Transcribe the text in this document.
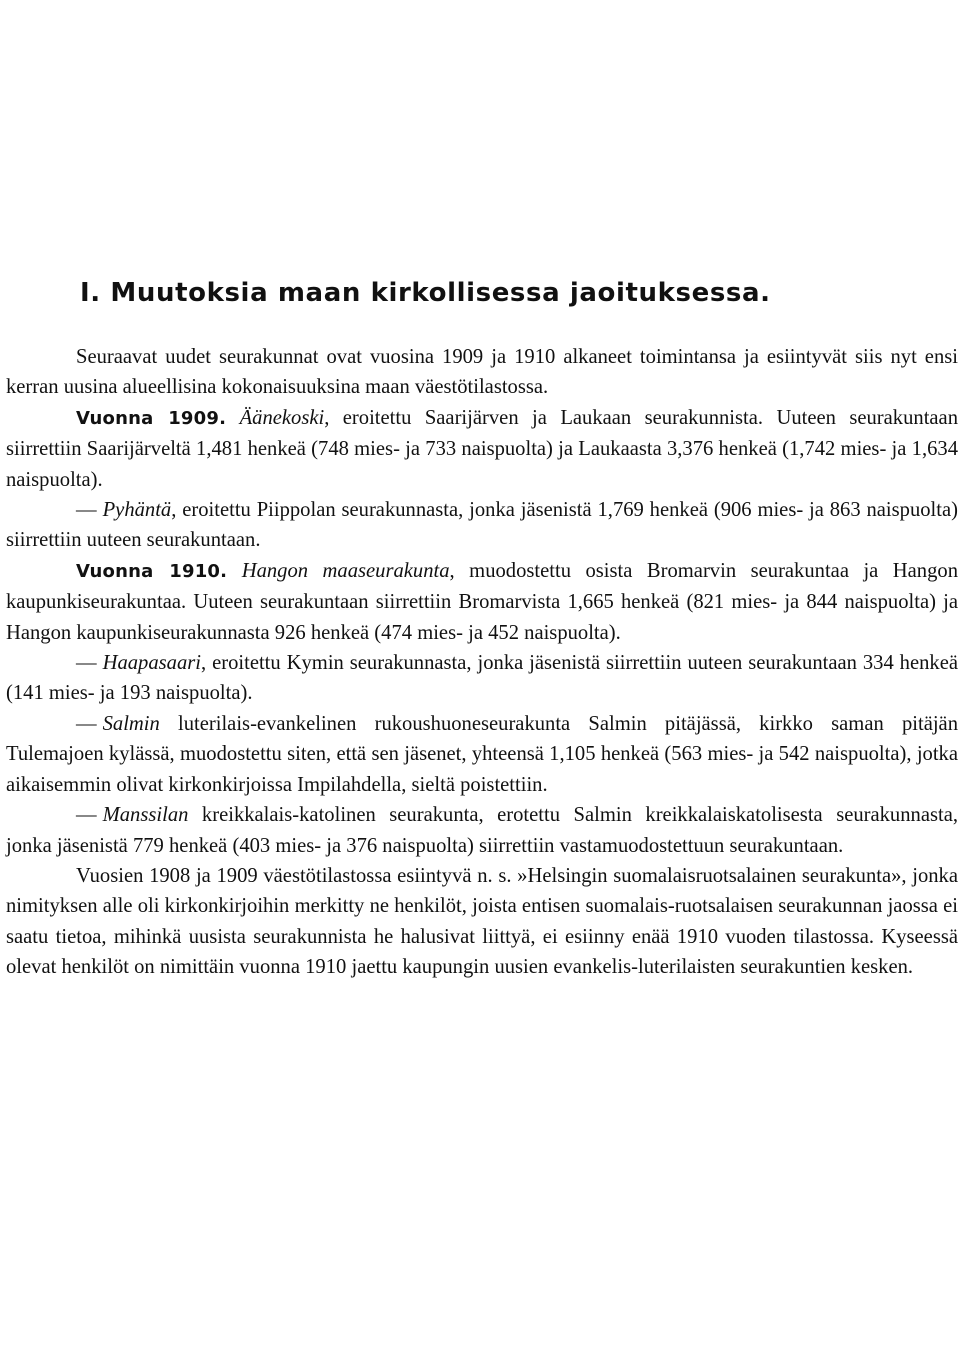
I. Muutoksia maan kirkollisessa jaoituksessa.

Seuraavat uudet seurakunnat ovat vuosina 1909 ja 1910 alkaneet toimintansa ja esiintyvät siis nyt ensi kerran uusina alueellisina kokonaisuuksina maan väestötilastossa.

Vuonna 1909. Äänekoski, eroitettu Saarijärven ja Laukaan seurakunnista. Uuteen seurakuntaan siirrettiin Saarijärveltä 1,481 henkeä (748 mies- ja 733 naispuolta) ja Laukaasta 3,376 henkeä (1,742 mies- ja 1,634 naispuolta).

— Pyhäntä, eroitettu Piippolan seurakunnasta, jonka jäsenistä 1,769 henkeä (906 mies- ja 863 naispuolta) siirrettiin uuteen seurakuntaan.

Vuonna 1910. Hangon maaseurakunta, muodostettu osista Bromarvin seurakuntaa ja Hangon kaupunkiseurakuntaa. Uuteen seurakuntaan siirrettiin Bromarvista 1,665 henkeä (821 mies- ja 844 naispuolta) ja Hangon kaupunkiseurakunnasta 926 henkeä (474 mies- ja 452 naispuolta).

— Haapasaari, eroitettu Kymin seurakunnasta, jonka jäsenistä siirrettiin uuteen seurakuntaan 334 henkeä (141 mies- ja 193 naispuolta).

— Salmin luterilais-evankelinen rukoushuoneseurakunta Salmin pitäjässä, kirkko saman pitäjän Tulemajoen kylässä, muodostettu siten, että sen jäsenet, yhteensä 1,105 henkeä (563 mies- ja 542 naispuolta), jotka aikaisemmin olivat kirkonkirjoissa Impilahdella, sieltä poistettiin.

— Manssilan kreikkalais-katolinen seurakunta, erotettu Salmin kreikkalaiskatolisesta seurakunnasta, jonka jäsenistä 779 henkeä (403 mies- ja 376 naispuolta) siirrettiin vastamuodostettuun seurakuntaan.

Vuosien 1908 ja 1909 väestötilastossa esiintyvä n. s. »Helsingin suomalaisruotsalainen seurakunta», jonka nimityksen alle oli kirkonkirjoihin merkitty ne henkilöt, joista entisen suomalais-ruotsalaisen seurakunnan jaossa ei saatu tietoa, mihinkä uusista seurakunnista he halusivat liittyä, ei esiinny enää 1910 vuoden tilastossa. Kyseessä olevat henkilöt on nimittäin vuonna 1910 jaettu kaupungin uusien evankelis-luterilaisten seurakuntien kesken.
